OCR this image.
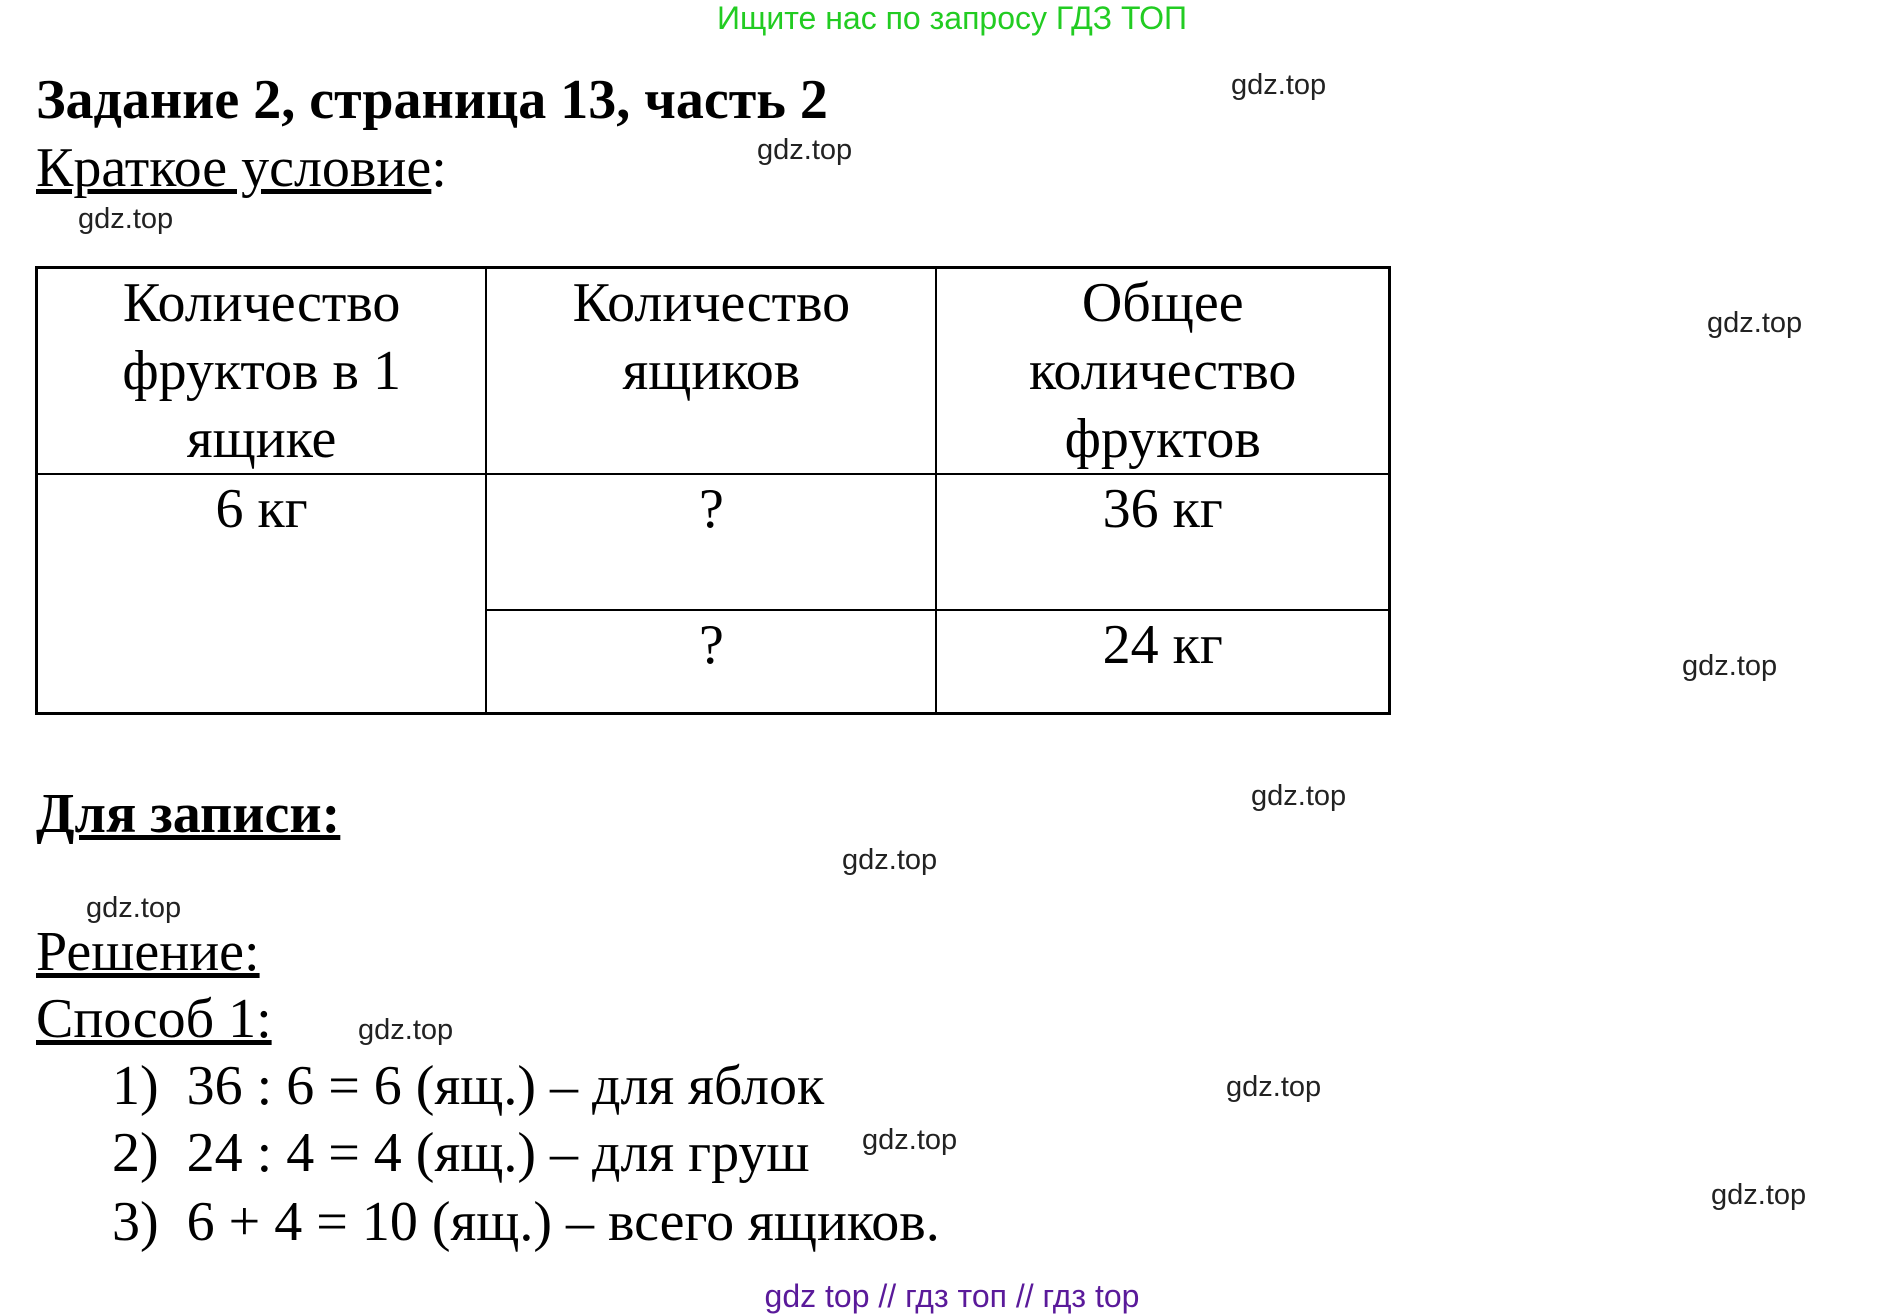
Ищите нас по запросу ГДЗ ТОП
Задание 2, страница 13, часть 2
Краткое условие:
Количество фруктов в 1 ящике	Количество ящиков	Общее количество фруктов
6 кг	?	36 кг
	?	24 кг
Для записи:
Решение:
Способ 1:
1)  36 : 6 = 6 (ящ.) – для яблок
2)  24 : 4 = 4 (ящ.) – для груш
3)  6 + 4 = 10 (ящ.) – всего ящиков.
gdz.top
gdz.top
gdz.top
gdz.top
gdz.top
gdz.top
gdz.top
gdz.top
gdz.top
gdz.top
gdz.top
gdz.top
gdz top // гдз топ // гдз top
